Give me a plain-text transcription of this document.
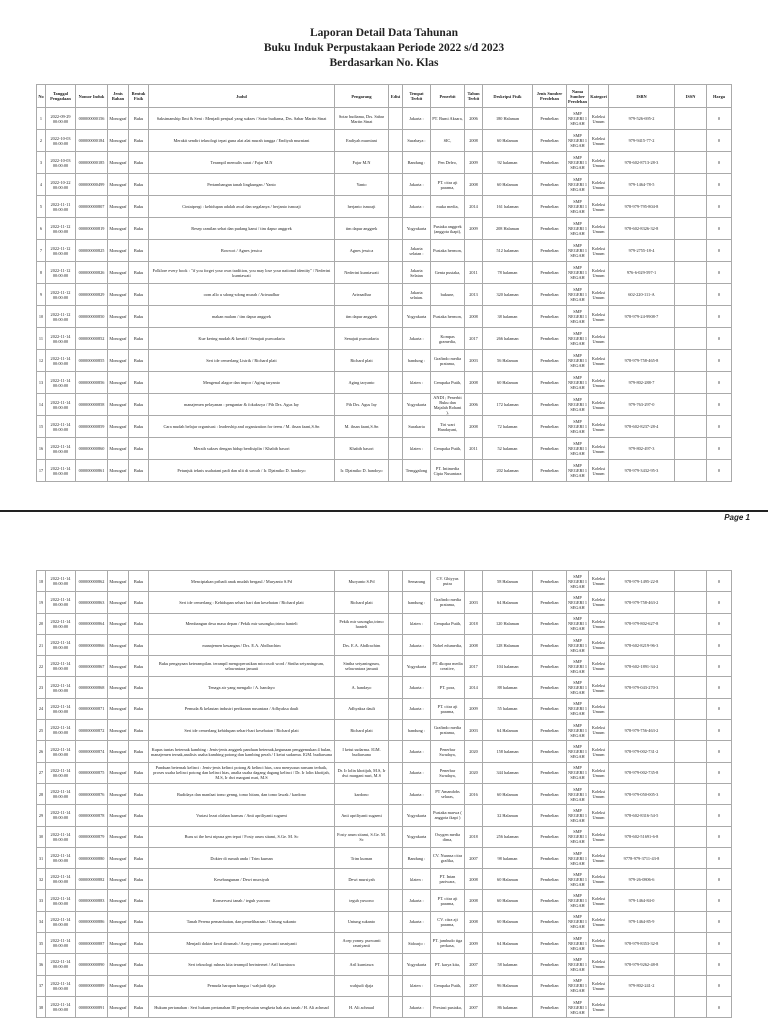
Laporan Detail Data Tahunan
Buku Induk Perpustakaan Periode 2022 s/d 2023
Berdasarkan No. Klas
No	Tanggal Pengadaan	Nomor Induk	Jenis Bahan	Bentuk Fisik	Judul	Pengarang	Edisi	Tempat Terbit	Penerbit	Tahun Terbit	Deskripsi Fisik	Jenis Sumber Perolehan	Nama Sumber Perolehan	Kategori	ISBN	ISSN	Harga
1	2022-09-29 00:00:00	000000000156	Monograf	Buku	Saksimanship Ilmi & Seni : Menjadi penjual yang sukses / Sotar budiama, Drs. Sabar Martin Sinat	Sotar budiama, Drs. Sabar Martin Sinat		Jakarta :	PT. Bumi Aksara,	2006	180 Halaman	Pembelian	SMP NEGERI 1 SEGAH	Koleksi Umum	979-526-695-2		0
2	2022-10-03 00:00:00	000000000184	Monograf	Buku	Merakit sendiri teknologi tepat guna alat alat murah tangga / Endiyah murniani	Endiyah murniani		Surabaya :	SIC,	2008	60 Halaman	Pembelian	SMP NEGERI 1 SEGAH	Koleksi Umum	979-9415-77-2		0
3	2022-10-03 00:00:00	000000000185	Monograf	Buku	Terampil memulis surat / Fajar M.N	Fajar M.N		Bandung :	Pen Deleo,	2009	92 halaman	Pembelian	SMP NEGERI 1 SEGAH	Koleksi Umum	978-602-8713-28-3		0
4	2022-10-22 00:00:00	000000000499	Monograf	Buku	Pertambangan tanah lingkungan / Yanto	Yanto		Jakarta :	PT. citra aji parama,	2008	60 Halaman	Pembelian	SMP NEGERI 1 SEGAH	Koleksi Umum	979-1464-78-5		0
5	2022-11-11 00:00:00	000000000807	Monograf	Buku	Cintaipergi : kehidupan adalah awal dan segalanya / herjanto ismoaji	herjanto ismoaji		Jakarta :	muka media,	2014	161 halaman	Pembelian	SMP NEGERI 1 SEGAH	Koleksi Umum	978-979-795-804-8		0
6	2022-11-12 00:00:00	000000000819	Monograf	Buku	Resep camilan sehat dan pudang kami / tim dapur anggrek	tim dapur anggrek		Yogyakarta	Pustaka anggrek (anggota ikapi),	2009	208 Halaman	Pembelian	SMP NEGERI 1 SEGAH	Koleksi Umum	978-602-8326-32-8		0
7	2022-11-12 00:00:00	000000000825	Monograf	Buku	Bowwot / Agnes jessica	Agnes jessica		Jakarta selatan :	Pustaka hermon,		512 halaman	Pembelian	SMP NEGERI 1 SEGAH	Koleksi Umum	979-2755-18-4		0
8	2022-11-12 00:00:00	000000000826	Monograf	Buku	Folklore every book : "if you forget your own tradition, you may lose your national identity" / Nederini kurniawati	Nederini kurniawati		Jakarta Selatan	Genta pustaka,	2011	78 halaman	Pembelian	SMP NEGERI 1 SEGAH	Koleksi Umum	976-6-029-597-1		0
9	2022-11-12 00:00:00	000000000829	Monograf	Buku	oom allo u sdong-sdong murah / Arieaadhar	Arieaadhar		Jakarta selatan.	bukune,	2013	320 halaman	Pembelian	SMP NEGERI 1 SEGAH	Koleksi Umum	602-220-111-A		0
10	2022-11-12 00:00:00	000000000850	Monograf	Buku	makan malam / tim dapur anggrek	tim dapur anggrek		Yogyakarta	Pustaka hermon,	2008	38 halaman	Pembelian	SMP NEGERI 1 SEGAH	Koleksi Umum	978-979-24-9908-7		0
11	2022-11-14 00:00:00	000000000852	Monograf	Buku	Kue kering mudah & kreatif / Senajati purwadarta	Senajati purwadarta		Jakarta :	Kompas gramedia,	2017	266 halaman	Pembelian	SMP NEGERI 1 SEGAH	Koleksi Umum			0
12	2022-11-14 00:00:00	000000000855	Monograf	Buku	Seri ide cemerlang Listrik / Richard platt	Richard platt		bandung :	Grafindo media pratama,	2003	56 Halaman	Pembelian	SMP NEGERI 1 SEGAH	Koleksi Umum	978-979-758-465-8		0
13	2022-11-14 00:00:00	000000000856	Monograf	Buku	Mengenal alagoe dan impor / Aging taryanto	Aging taryanto		klaten :	Cempaka Putih,	2008	60 Halaman	Pembelian	SMP NEGERI 1 SEGAH	Koleksi Umum	979-802-288-7		0
14	2022-11-14 00:00:00	000000000858	Monograf	Buku	manajemen pelayanan : pengantar & fokaksrya / Pih Drs. Agus Iay	Pih Drs. Agus Iay		Yogyakarta	ANDI ; Penerbit Buku dan Majalah Rohani ),	2006	172 halaman	Pembelian	SMP NEGERI 1 SEGAH	Koleksi Umum	979-763-297-0		0
15	2022-11-14 00:00:00	000000000859	Monograf	Buku	Cara mudah belajar organisasi : leadership and organization for teens / M. ihsan faani,S.Sn	M. ihsan faani,S.Sn		Surakarta	Tiri wari Handayani,	2008	72 halaman	Pembelian	SMP NEGERI 1 SEGAH	Koleksi Umum	978-602-8237-28-4		0
16	2022-11-14 00:00:00	000000000860	Monograf	Buku	Meraih sukses dengan hidup berdisiplin / Khabib basori	Khabib basori		klaten :	Cempaka Putih,	2011	52 halaman	Pembelian	SMP NEGERI 1 SEGAH	Koleksi Umum	979-802-497-3		0
17	2022-11-14 00:00:00	000000000861	Monograf	Buku	Petunjuk teknis usahatani padi dan ulit di sawah / Ir. Djatmiko D. handoyo	Ir. Djatmiko D. handoyo		Temggalong	PT. Intimedia Cipta Nusantara		202 halaman	Pembelian	SMP NEGERI 1 SEGAH	Koleksi Umum	978-979-3432-95-3		0
Page 1
18	2022-11-14 00:00:00	000000000862	Monograf	Buku	Menciptakan pribadi anak mudah bergaul / Muryanto S.Pd	Muryanto S.Pd		Semarang	CV. Ghiyyas putra		58 Halaman	Pembelian	SMP NEGERI 1 SEGAH	Koleksi Umum	978-979-1495-22-8		0
19	2022-11-14 00:00:00	000000000863	Monograf	Buku	Seri ide cemerlang : Kehidupan sehari hari dan kesehatan / Richard platt	Richard platt		bandung :	Grafindo media pratama,	2003	64 Halaman	Pembelian	SMP NEGERI 1 SEGAH	Koleksi Umum	978-979-758-463-2		0
20	2022-11-14 00:00:00	000000000864	Monograf	Buku	Membangun desa masa depan / Pekik mir sasongko,trimo hanteli	Pekik mir sasongko,trimo hanteli		klaten :	Cempaka Putih,	2018	120 Halaman	Pembelian	SMP NEGERI 1 SEGAH	Koleksi Umum	978-979-802-627-8		0
21	2022-11-14 00:00:00	000000000866	Monograf	Buku	manajemen keuangan / Drs. E.A. Abdlrachim	Drs. E.A. Abdlrachim		Jakarta :	Nobel edumedia,	2008	128 Halaman	Pembelian	SMP NEGERI 1 SEGAH	Koleksi Umum	978-602-8219-96-3		0
22	2022-11-14 00:00:00	000000000867	Monograf	Buku	Buku pengayaan keterampilan. terampil mengoperasikan microsoft word / Sintha setyaningrum, selawantara januati	Sintha setyaningrum, selawantara januati		Yogyakarta	PT. dkopra media creative,	2017	104 halaman	Pembelian	SMP NEGERI 1 SEGAH	Koleksi Umum	978-602-1891-34-2		0
23	2022-11-14 00:00:00	000000000868	Monograf	Buku	Tenaga air yang mengalir / A. handayo	A. handayo		Jakarta :	PT. pora,	2014	88 halaman	Pembelian	SMP NEGERI 1 SEGAH	Koleksi Umum	978-979-043-270-3		0
24	2022-11-14 00:00:00	000000000871	Monograf	Buku	Pemuda & kelautan industri perikanan nusantara / Adhyaksa dault	Adhyaksa dault		Jakarta :	PT. citra aji parama,	2009	55 halaman	Pembelian	SMP NEGERI 1 SEGAH	Koleksi Umum			0
25	2022-11-14 00:00:00	000000000872	Monograf	Buku	Seri ide cemerlang kehidupan sehari-hari kesehatan / Richard platt	Richard platt		bandung :	Grafindo media pratama,	2003	64 Halaman	Pembelian	SMP NEGERI 1 SEGAH	Koleksi Umum	978-979-756-463-2		0
26	2022-11-14 00:00:00	000000000874	Monograf	Buku	Kupas tuntas beternak kambing : Jenis-jenis anggrek panduan beternak,kegunaan penggemukan 4 bulan, manajemen ternak,analisis usaha kambing potong dan kambing perah / I ketut sudarma. IGM. budiarsana	I ketut sudarma. IGM. budiarsana		Jakarta :	Penerbar Swadaya,	2020	158 halaman	Pembelian	SMP NEGERI 1 SEGAH	Koleksi Umum	978-979-002-731-2		0
27	2022-11-14 00:00:00	000000000875	Monograf	Buku	Panduan beternak kelinci : Jenis-jenis kelinci potong & kelinci hias, cara menyusun ransum terbaik, proses usaha kelinci potong dan kelinci hias, analia usaha dagang dagang kelinci / Dr. Ir lolin khotijah, M.S, Ir dwi margani nuri, M.S	Dr. Ir lolin khotijah, M.S, Ir dwi margani nuri, M.S		Jakarta :	Penerbar Swadaya,	2020	344 halaman	Pembelian	SMP NEGERI 1 SEGAH	Koleksi Umum	978-979-002-735-8		0
28	2022-11-14 00:00:00	000000000876	Monograf	Buku	Budidaya dan manfaat tomo genng, tomo hitam, dan tomo lawak / kardono	kardono		Jakarta :	PT Amandobs selaras,	2016	60 Halaman	Pembelian	SMP NEGERI 1 SEGAH	Koleksi Umum	978-979-050-005-3		0
29	2022-11-14 00:00:00	000000000878	Monograf	Buku	Variasi lezat olahan harmas / Anti apriliyanti sugaeni	Anti apriliyanti sugaeni		Yogyakarta	Pustaka marwa ( anggota ikapi )		32 Halaman	Pembelian	SMP NEGERI 1 SEGAH	Koleksi Umum	978-602-8316-54-5		0
30	2022-11-14 00:00:00	000000000879	Monograf	Buku	Buru ut the best nipusa gen tepat / Fosty arum sitami, S.Ge. M. Sc	Fosty arum sitami, S.Ge. M. Sc		Yogyakarta	Oxygen media dima,	2018	256 halaman	Pembelian	SMP NEGERI 1 SEGAH	Koleksi Umum	978-602-51691-6-8		0
31	2022-11-14 00:00:00	000000000880	Monograf	Buku	Dokter di rumah anda / Trim kurnan	Trim kurnan		Bandung :	CV. Nuansa citra grafika,	2007	98 halaman	Pembelian	SMP NEGERI 1 SEGAH	Koleksi Umum	9778-979-3711-43-8		0
32	2022-11-14 00:00:00	000000000882	Monograf	Buku	Kesebangunan / Dewi mursiyah	Dewi mursiyah		klaten :	PT. Intan pariwara,	2008	60 Halaman	Pembelian	SMP NEGERI 1 SEGAH	Koleksi Umum	979-26-0806-6		0
33	2022-11-14 00:00:00	000000000883	Monograf	Buku	Konservasi tanah / teguh yuwono	teguh yuwono		Jakarta :	PT. citra aji parama,	2008	60 Halaman	Pembelian	SMP NEGERI 1 SEGAH	Koleksi Umum	979-1464-84-0		0
34	2022-11-14 00:00:00	000000000886	Monograf	Buku	Tanah Perena pemanfaatan, dan pemeliharaan / Untung sukanto	Untung sukanto		Jakarta :	CV. citra aji parama,	2008	60 Halaman	Pembelian	SMP NEGERI 1 SEGAH	Koleksi Umum	979-1464-85-9		0
35	2022-11-14 00:00:00	000000000887	Monograf	Buku	Menjadi dokter kecil dirumah / Acep yonny. purwanti rasniyanti	Acep yonny. purwanti rasniyanti		Sidoarjo :	PT. jambudo tiga perkasa,	2009	64 Halaman	Pembelian	SMP NEGERI 1 SEGAH	Koleksi Umum	978-979-8353-32-8		0
36	2022-11-14 00:00:00	000000000890	Monograf	Buku	Seri teknologi ruhnas kita terampil berinternet / Aril kurniawa	Aril kurniawa		Yogyakarta	PT. karya kita,	2007	58 halaman	Pembelian	SMP NEGERI 1 SEGAH	Koleksi Umum	978-979-9262-48-8		0
37	2022-11-14 00:00:00	000000000889	Monograf	Buku	Pemuda harapan bangsa / wahjudi djaja	wahjudi djaja		klaten :	Cempaka Putih,	2007	96 Halaman	Pembelian	SMP NEGERI 1 SEGAH	Koleksi Umum	979-802-241-2		0
38	2022-11-14 00:00:00	000000000891	Monograf	Buku	Hukum pertanahan : Seri hukum pertanahan III penyelesaian sengketa hak atas tanah / H. Ali achmad	H. Ali achmad		Jakarta :	Prestasi pustaka,	2007	86 halaman	Pembelian	SMP NEGERI 1 SEGAH	Koleksi Umum			0
